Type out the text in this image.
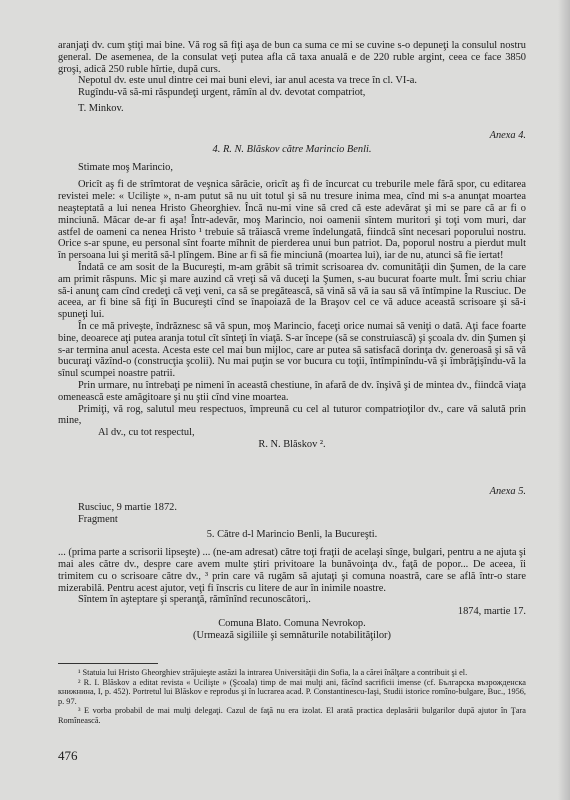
aranjaţi dv. cum ştiţi mai bine. Vă rog să fiţi aşa de bun ca suma ce mi se cuvine s-o depuneţi la consulul nostru general. De asemenea, de la consulat veţi putea afla că taxa anuală e de 220 ruble argint, ceea ce face 3850 groşi, adică 250 ruble hîrtie, după curs.

Nepotul dv. este unul dintre cei mai buni elevi, iar anul acesta va trece în cl. VI-a.

Rugîndu-vă să-mi răspundeţi urgent, rămîn al dv. devotat compatriot,

T. Minkov.

Anexa 4.

4. R. N. Blăskov către Marincio Benli.

Stimate moş Marincio,

Oricît aş fi de strîmtorat de veşnica sărăcie, oricît aş fi de încurcat cu treburile mele fără spor, cu editarea revistei mele: « Ucilişte », n-am putut să nu uit totul şi să nu tresure inima mea, cînd mi s-a anunţat moartea neaşteptată a lui nenea Hristo Gheorghiev. Încă nu-mi vine să cred că este adevărat şi mi se pare că ar fi o minciună. Măcar de-ar fi aşa! Într-adevăr, moş Marincio, noi oamenii sîntem muritori şi toţi vom muri, dar astfel de oameni ca nenea Hristo ¹ trebuie să trăiască vreme îndelungată, fiindcă sînt necesari poporului nostru. Orice s-ar spune, eu personal sînt foarte mîhnit de pierderea unui bun patriot. Da, poporul nostru a pierdut mult în persoana lui şi merită să-l plîngem. Bine ar fi să fie minciună (moartea lui), iar de nu, atunci să fie iertat!

Îndată ce am sosit de la Bucureşti, m-am grăbit să trimit scrisoarea dv. comunităţii din Şumen, de la care am primit răspuns. Mic şi mare auzind că vreţi să vă duceţi la Şumen, s-au bucurat foarte mult. Îmi scriu chiar să-i anunţ cam cînd credeţi că veţi veni, ca să se pregătească, să vină să vă ia sau să vă întîmpine la Rusciuc. De aceea, ar fi bine să fiţi în Bucureşti cînd se înapoiază de la Braşov cel ce vă aduce această scrisoare şi să-i spuneţi lui.

În ce mă priveşte, îndrăznesc să vă spun, moş Marincio, faceţi orice numai să veniţi o dată. Aţi face foarte bine, deoarece aţi putea aranja totul cît sînteţi în viaţă. S-ar începe (să se construiască) şi şcoala dv. din Şumen şi s-ar termina anul acesta. Acesta este cel mai bun mijloc, care ar putea să satisfacă dorinţa dv. generoasă şi să vă bucuraţi văzînd-o (construcţia şcolii). Nu mai puţin se vor bucura cu toţii, întîmpinîndu-vă şi îmbrăţişîndu-vă la sînul scumpei noastre patrii.

Prin urmare, nu întrebaţi pe nimeni în această chestiune, în afară de dv. înşivă şi de mintea dv., fiindcă viaţa omenească este amăgitoare şi nu ştii cînd vine moartea.

Primiţi, vă rog, salutul meu respectuos, împreună cu cel al tuturor compatrioţilor dv., care vă salută prin mine,

Al dv., cu tot respectul,

R. N. Blăskov ².

Anexa 5.

Rusciuc, 9 martie 1872.

Fragment

5. Către d-l Marincio Benli, la Bucureşti.

... (prima parte a scrisorii lipseşte) ... (ne-am adresat) către toţi fraţii de acelaşi sînge, bulgari, pentru a ne ajuta şi mai ales către dv., despre care avem multe ştiri privitoare la bunăvoinţa dv., faţă de popor... De aceea, îi trimitem cu o scrisoare către dv., ³ prin care vă rugăm să ajutaţi şi comuna noastră, care se află într-o stare mizerabilă. Pentru acest ajutor, veţi fi înscris cu litere de aur în inimile noastre.

Sîntem în aşteptare şi speranţă, rămînînd recunoscători,.

1874, martie 17.

Comuna Blato. Comuna Nevrokop.

(Urmează sigiliile şi semnăturile notabilităţilor)

¹ Statuia lui Hristo Gheorghiev străjuieşte astăzi la intrarea Universităţii din Sofia, la a cărei înălţare a contribuit şi el.

² R. I. Blăskov a editat revista « Ucilişte » (Şcoala) timp de mai mulţi ani, făcînd sacrificii imense (cf. Българска възрожденска книжнина, I, p. 452). Portretul lui Blăskov e reprodus şi în lucrarea acad. P. Constantinescu-Iaşi, Studii istorice romîno-bulgare, Buc., 1956, p. 97.

³ E vorba probabil de mai mulţi delegaţi. Cazul de faţă nu era izolat. El arată practica deplasării bulgarilor după ajutor în Ţara Romînească.

476
